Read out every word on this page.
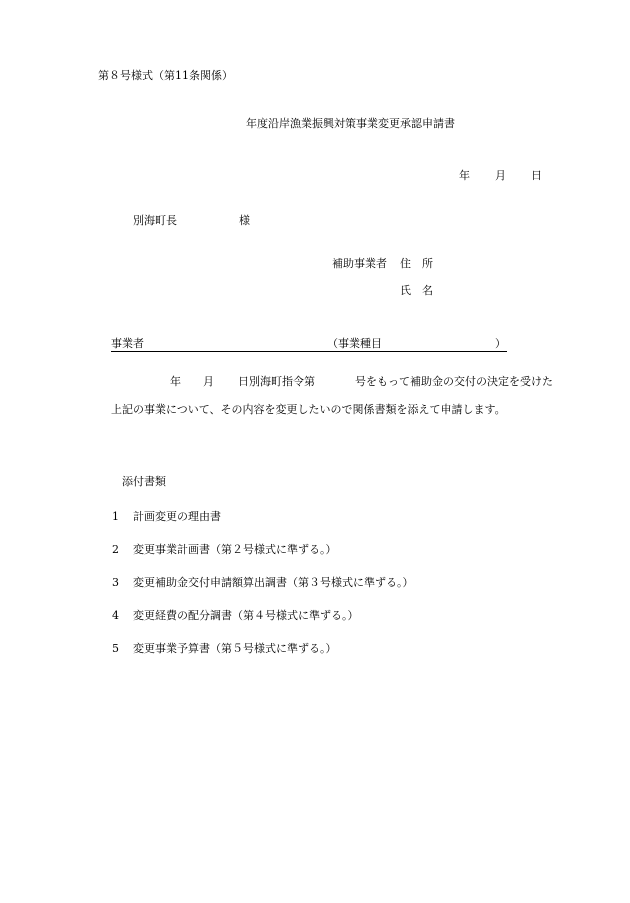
第８号様式（第11条関係）
年度沿岸漁業振興対策事業変更承認申請書
年 月 日
別海町長	様
補助事業者 住　所
氏　名
事業者	（事業種目	）
年 月 日別海町指令第	号をもって補助金の交付の決定を受けた
上記の事業について、その内容を変更したいので関係書類を添えて申請します。
添付書類
1 計画変更の理由書
2 変更事業計画書（第２号様式に準ずる。）
3 変更補助金交付申請額算出調書（第３号様式に準ずる。）
4 変更経費の配分調書（第４号様式に準ずる。）
5 変更事業予算書（第５号様式に準ずる。）
